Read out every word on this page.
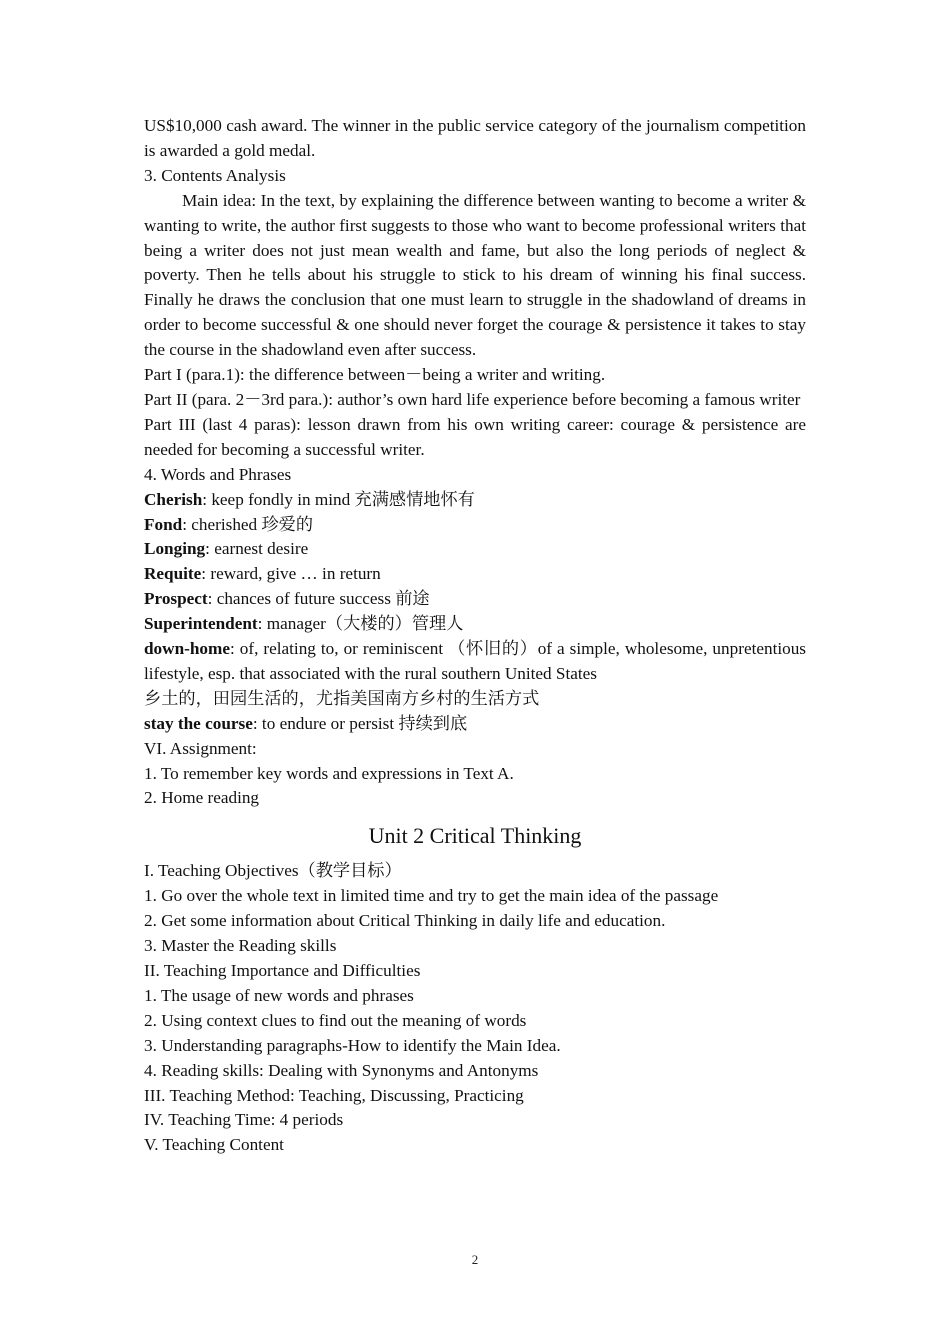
US$10,000 cash award. The winner in the public service category of the journalism competition is awarded a gold medal.

3. Contents Analysis

Main idea: In the text, by explaining the difference between wanting to become a writer & wanting to write, the author first suggests to those who want to become professional writers that being a writer does not just mean wealth and fame, but also the long periods of neglect & poverty. Then he tells about his struggle to stick to his dream of winning his final success. Finally he draws the conclusion that one must learn to struggle in the shadowland of dreams in order to become successful & one should never forget the courage & persistence it takes to stay the course in the shadowland even after success.

Part I (para.1): the difference between－being a writer and writing.

Part II (para. 2－3rd para.): author’s own hard life experience before becoming a famous writer

Part III (last 4 paras): lesson drawn from his own writing career: courage & persistence are needed for becoming a successful writer.

4. Words and Phrases

Cherish: keep fondly in mind 充满感情地怀有

Fond: cherished 珍爱的

Longing: earnest desire

Requite: reward, give … in return

Prospect: chances of future success 前途

Superintendent: manager（大楼的）管理人

down-home: of, relating to, or reminiscent （怀旧的）of a simple, wholesome, unpretentious lifestyle, esp. that associated with the rural southern United States

乡土的，田园生活的，尤指美国南方乡村的生活方式

stay the course: to endure or persist 持续到底

VI. Assignment:

1. To remember key words and expressions in Text A.

2. Home reading

Unit 2 Critical Thinking

I. Teaching Objectives（教学目标）

1. Go over the whole text in limited time and try to get the main idea of the passage

2. Get some information about Critical Thinking in daily life and education.

3. Master the Reading skills

II. Teaching Importance and Difficulties

1. The usage of new words and phrases

2. Using context clues to find out the meaning of words

3. Understanding paragraphs-How to identify the Main Idea.

4. Reading skills: Dealing with Synonyms and Antonyms

III. Teaching Method: Teaching, Discussing, Practicing

IV. Teaching Time: 4 periods

V. Teaching Content

2
